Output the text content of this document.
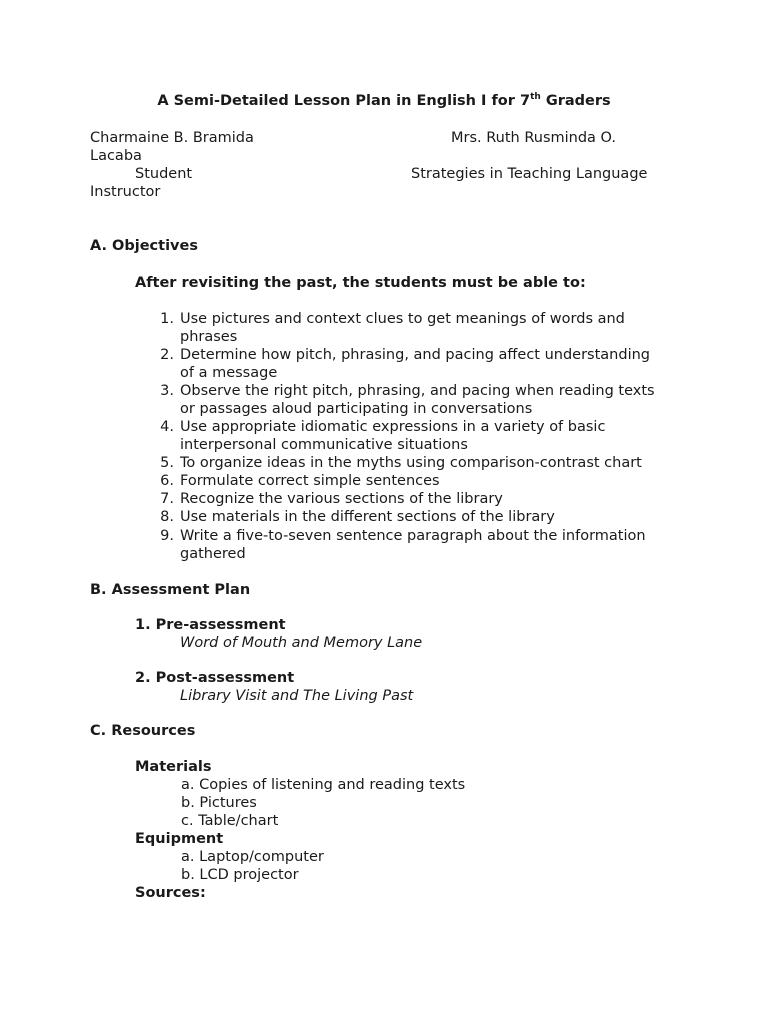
A Semi-Detailed Lesson Plan in English I for 7th Graders
Charmaine B. Bramida	Mrs. Ruth Rusminda O.
Lacaba
Student	Strategies in Teaching Language
Instructor
A. Objectives
After revisiting the past, the students must be able to:
1. Use pictures and context clues to get meanings of words and
phrases
2. Determine how pitch, phrasing, and pacing affect understanding
of a message
3. Observe the right pitch, phrasing, and pacing when reading texts
or passages aloud participating in conversations
4. Use appropriate idiomatic expressions in a variety of basic
interpersonal communicative situations
5. To organize ideas in the myths using comparison-contrast chart
6. Formulate correct simple sentences
7. Recognize the various sections of the library
8. Use materials in the different sections of the library
9. Write a five-to-seven sentence paragraph about the information
gathered
B. Assessment Plan
1. Pre-assessment
Word of Mouth and Memory Lane
2. Post-assessment
Library Visit and The Living Past
C. Resources
Materials
a. Copies of listening and reading texts
b. Pictures
c. Table/chart
Equipment
a. Laptop/computer
b. LCD projector
Sources:
